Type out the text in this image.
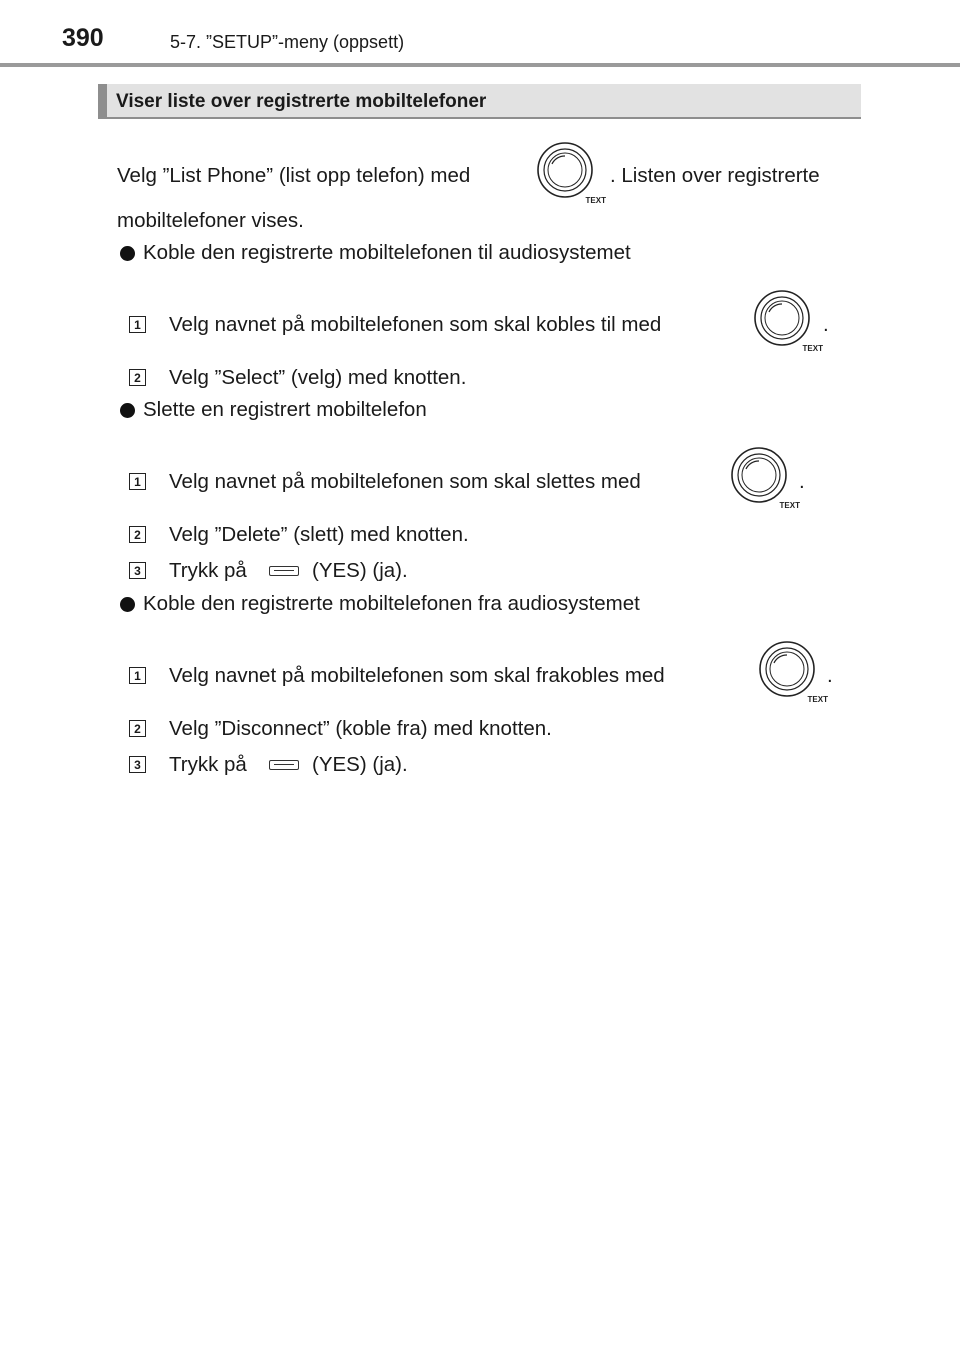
390	5-7. ”SETUP”-meny (oppsett)
Viser liste over registrerte mobiltelefoner
Velg ”List Phone” (list opp telefon) med
TEXT
. Listen over registrerte
mobiltelefoner vises.
Koble den registrerte mobiltelefonen til audiosystemet
1 Velg navnet på mobiltelefonen som skal kobles til med
TEXT
.
2 Velg ”Select” (velg) med knotten.
Slette en registrert mobiltelefon
1 Velg navnet på mobiltelefonen som skal slettes med
TEXT
.
2 Velg ”Delete” (slett) med knotten.
3 Trykk på	(YES) (ja).
Koble den registrerte mobiltelefonen fra audiosystemet
1 Velg navnet på mobiltelefonen som skal frakobles med
TEXT
.
2 Velg ”Disconnect” (koble fra) med knotten.
3 Trykk på	(YES) (ja).
